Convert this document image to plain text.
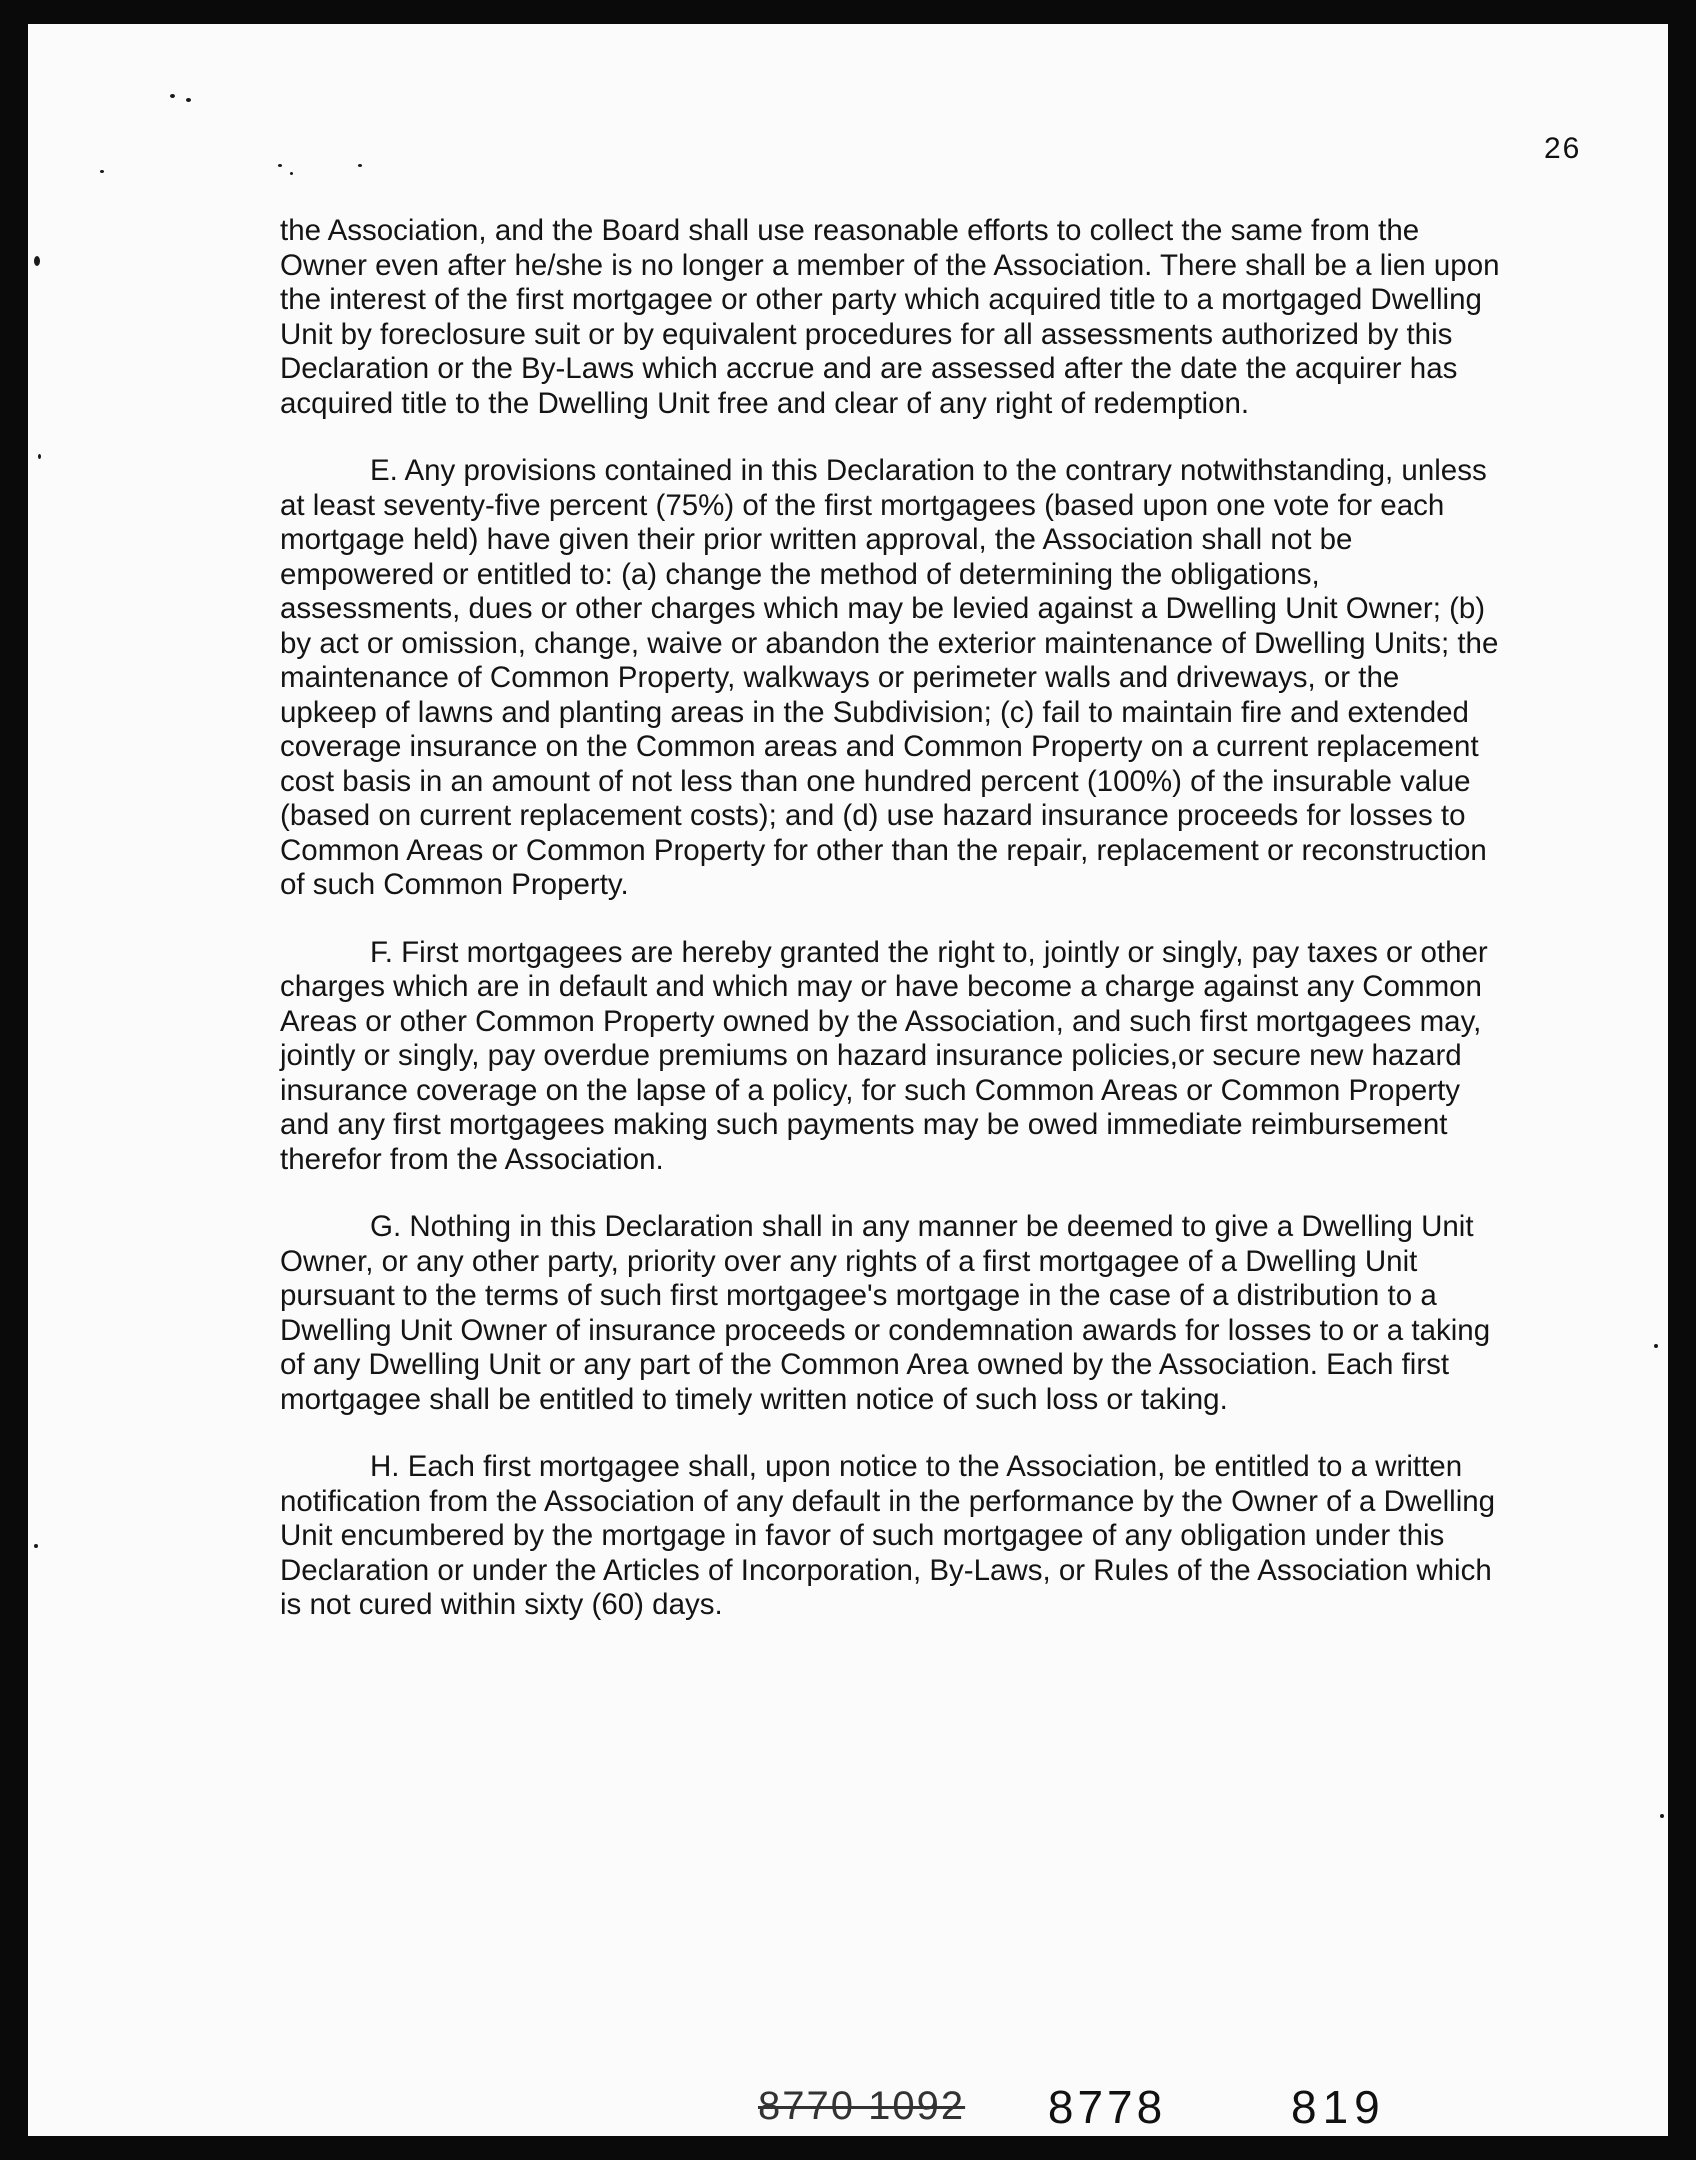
26

the Association, and the Board shall use reasonable efforts to collect the same from the Owner even after he/she is no longer a member of the Association. There shall be a lien upon the interest of the first mortgagee or other party which acquired title to a mortgaged Dwelling Unit by foreclosure suit or by equivalent procedures for all assessments authorized by this Declaration or the By-Laws which accrue and are assessed after the date the acquirer has acquired title to the Dwelling Unit free and clear of any right of redemption.

E. Any provisions contained in this Declaration to the contrary notwithstanding, unless at least seventy-five percent (75%) of the first mortgagees (based upon one vote for each mortgage held) have given their prior written approval, the Association shall not be empowered or entitled to: (a) change the method of determining the obligations, assessments, dues or other charges which may be levied against a Dwelling Unit Owner; (b) by act or omission, change, waive or abandon the exterior maintenance of Dwelling Units; the maintenance of Common Property, walkways or perimeter walls and driveways, or the upkeep of lawns and planting areas in the Subdivision; (c) fail to maintain fire and extended coverage insurance on the Common areas and Common Property on a current replacement cost basis in an amount of not less than one hundred percent (100%) of the insurable value (based on current replacement costs); and (d) use hazard insurance proceeds for losses to Common Areas or Common Property for other than the repair, replacement or reconstruction of such Common Property.

F. First mortgagees are hereby granted the right to, jointly or singly, pay taxes or other charges which are in default and which may or have become a charge against any Common Areas or other Common Property owned by the Association, and such first mortgagees may, jointly or singly, pay overdue premiums on hazard insurance policies,or secure new hazard insurance coverage on the lapse of a policy, for such Common Areas or Common Property and any first mortgagees making such payments may be owed immediate reimbursement therefor from the Association.

G. Nothing in this Declaration shall in any manner be deemed to give a Dwelling Unit Owner, or any other party, priority over any rights of a first mortgagee of a Dwelling Unit pursuant to the terms of such first mortgagee's mortgage in the case of a distribution to a Dwelling Unit Owner of insurance proceeds or condemnation awards for losses to or a taking of any Dwelling Unit or any part of the Common Area owned by the Association. Each first mortgagee shall be entitled to timely written notice of such loss or taking.

H. Each first mortgagee shall, upon notice to the Association, be entitled to a written notification from the Association of any default in the performance by the Owner of a Dwelling Unit encumbered by the mortgage in favor of such mortgagee of any obligation under this Declaration or under the Articles of Incorporation, By-Laws, or Rules of the Association which is not cured within sixty (60) days.

8770 1092 8778	819
